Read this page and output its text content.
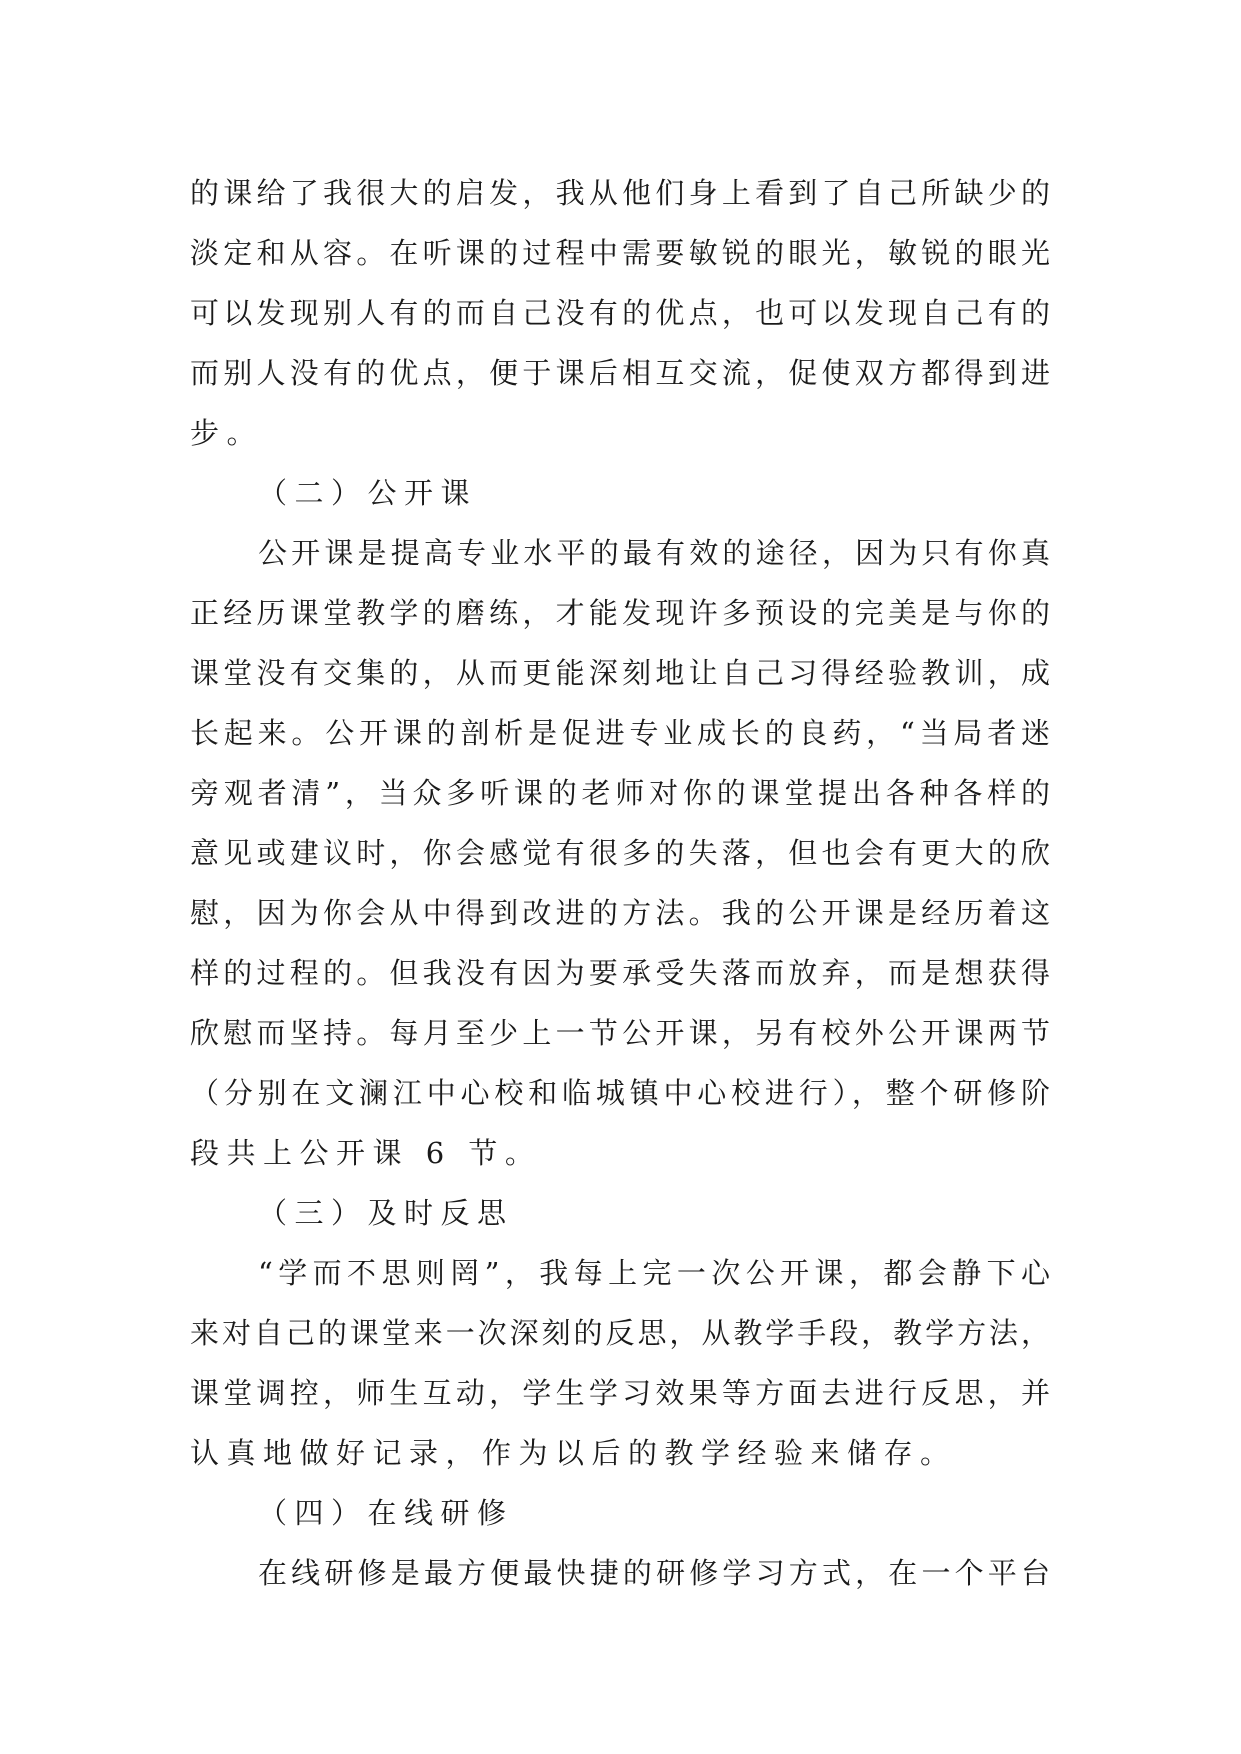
的课给了我很大的启发，我从他们身上看到了自己所缺少的
淡定和从容。在听课的过程中需要敏锐的眼光，敏锐的眼光
可以发现别人有的而自己没有的优点，也可以发现自己有的
而别人没有的优点，便于课后相互交流，促使双方都得到进
步。
（二）公开课
公开课是提高专业水平的最有效的途径，因为只有你真
正经历课堂教学的磨练，才能发现许多预设的完美是与你的
课堂没有交集的，从而更能深刻地让自己习得经验教训，成
长起来。公开课的剖析是促进专业成长的良药，“当局者迷
旁观者清”，当众多听课的老师对你的课堂提出各种各样的
意见或建议时，你会感觉有很多的失落，但也会有更大的欣
慰，因为你会从中得到改进的方法。我的公开课是经历着这
样的过程的。但我没有因为要承受失落而放弃，而是想获得
欣慰而坚持。每月至少上一节公开课，另有校外公开课两节
（分别在文澜江中心校和临城镇中心校进行），整个研修阶
段共上公开课 6 节。
（三）及时反思
“学而不思则罔”，我每上完一次公开课，都会静下心
来对自己的课堂来一次深刻的反思，从教学手段，教学方法，
课堂调控，师生互动，学生学习效果等方面去进行反思，并
认真地做好记录，作为以后的教学经验来储存。
（四）在线研修
在线研修是最方便最快捷的研修学习方式，在一个平台
